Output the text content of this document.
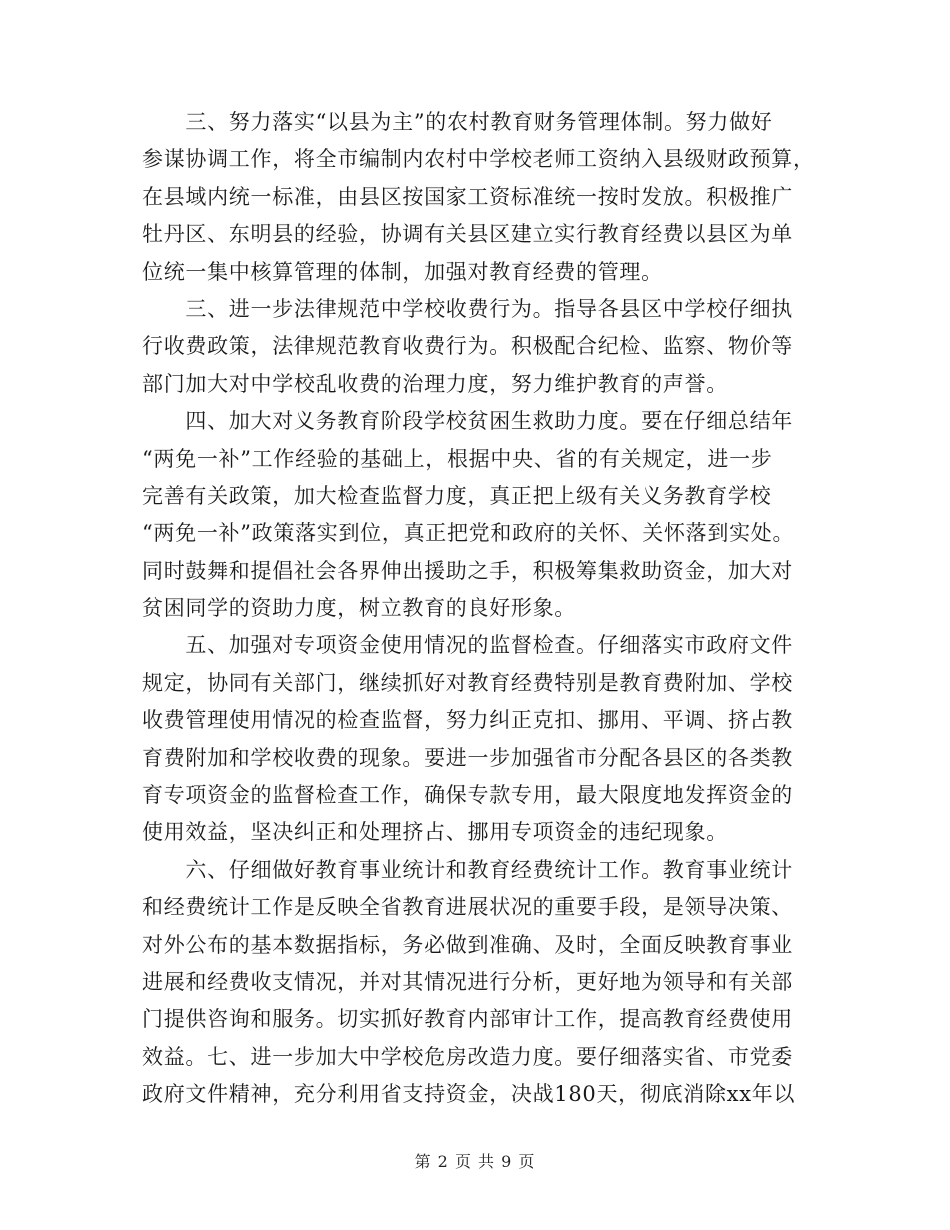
　　三、努力落实“以县为主”的农村教育财务管理体制。努力做好
参谋协调工作，将全市编制内农村中学校老师工资纳入县级财政预算，
在县域内统一标准，由县区按国家工资标准统一按时发放。积极推广
牡丹区、东明县的经验，协调有关县区建立实行教育经费以县区为单
位统一集中核算管理的体制，加强对教育经费的管理。
　　三、进一步法律规范中学校收费行为。指导各县区中学校仔细执
行收费政策，法律规范教育收费行为。积极配合纪检、监察、物价等
部门加大对中学校乱收费的治理力度，努力维护教育的声誉。
　　四、加大对义务教育阶段学校贫困生救助力度。要在仔细总结年
“两免一补”工作经验的基础上，根据中央、省的有关规定，进一步
完善有关政策，加大检查监督力度，真正把上级有关义务教育学校
“两免一补”政策落实到位，真正把党和政府的关怀、关怀落到实处。
同时鼓舞和提倡社会各界伸出援助之手，积极筹集救助资金，加大对
贫困同学的资助力度，树立教育的良好形象。
　　五、加强对专项资金使用情况的监督检查。仔细落实市政府文件
规定，协同有关部门，继续抓好对教育经费特别是教育费附加、学校
收费管理使用情况的检查监督，努力纠正克扣、挪用、平调、挤占教
育费附加和学校收费的现象。要进一步加强省市分配各县区的各类教
育专项资金的监督检查工作，确保专款专用，最大限度地发挥资金的
使用效益，坚决纠正和处理挤占、挪用专项资金的违纪现象。
　　六、仔细做好教育事业统计和教育经费统计工作。教育事业统计
和经费统计工作是反映全省教育进展状况的重要手段，是领导决策、
对外公布的基本数据指标，务必做到准确、及时，全面反映教育事业
进展和经费收支情况，并对其情况进行分析，更好地为领导和有关部
门提供咨询和服务。切实抓好教育内部审计工作，提高教育经费使用
效益。七、进一步加大中学校危房改造力度。要仔细落实省、市党委
政府文件精神，充分利用省支持资金，决战180天，彻底消除xx年以
第 2 页 共 9 页
